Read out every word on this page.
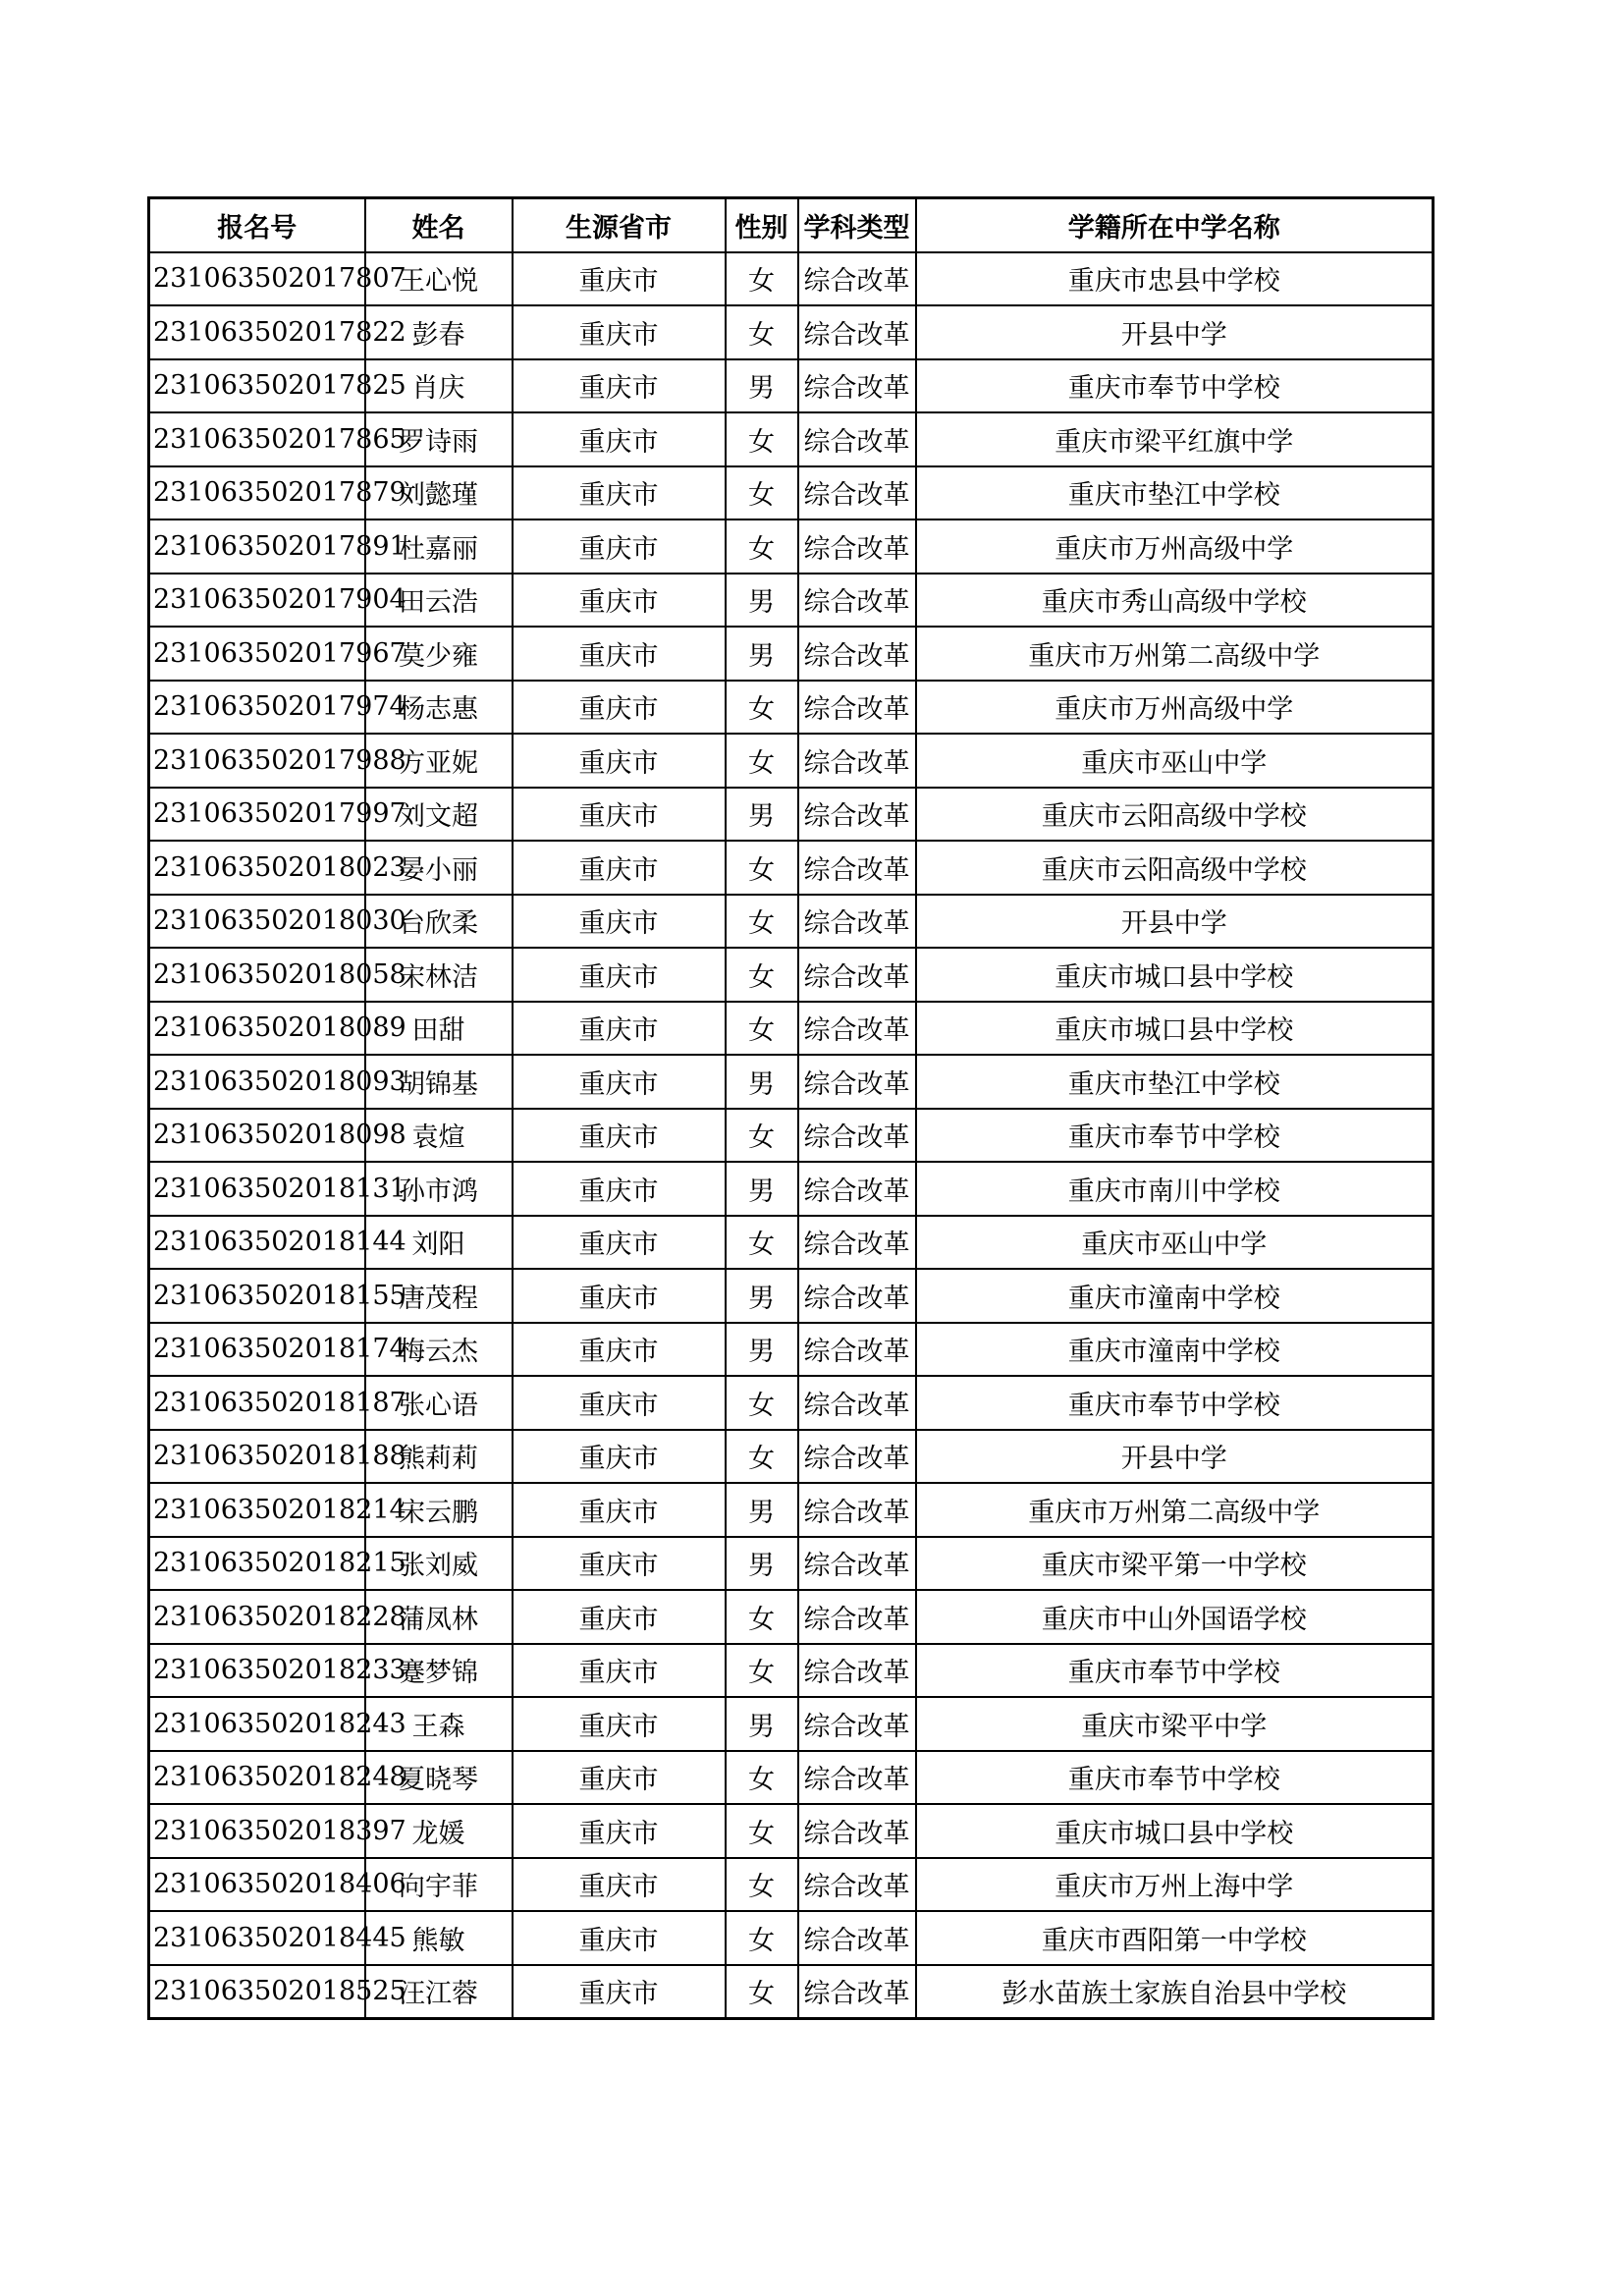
报名号	姓名	生源省市	性别	学科类型	学籍所在中学名称
231063502017807	王心悦	重庆市	女	综合改革	重庆市忠县中学校
231063502017822	彭春	重庆市	女	综合改革	开县中学
231063502017825	肖庆	重庆市	男	综合改革	重庆市奉节中学校
231063502017865	罗诗雨	重庆市	女	综合改革	重庆市梁平红旗中学
231063502017879	刘懿瑾	重庆市	女	综合改革	重庆市垫江中学校
231063502017891	杜嘉丽	重庆市	女	综合改革	重庆市万州高级中学
231063502017904	田云浩	重庆市	男	综合改革	重庆市秀山高级中学校
231063502017967	莫少雍	重庆市	男	综合改革	重庆市万州第二高级中学
231063502017974	杨志惠	重庆市	女	综合改革	重庆市万州高级中学
231063502017988	方亚妮	重庆市	女	综合改革	重庆市巫山中学
231063502017997	刘文超	重庆市	男	综合改革	重庆市云阳高级中学校
231063502018023	晏小丽	重庆市	女	综合改革	重庆市云阳高级中学校
231063502018030	台欣柔	重庆市	女	综合改革	开县中学
231063502018058	宋林洁	重庆市	女	综合改革	重庆市城口县中学校
231063502018089	田甜	重庆市	女	综合改革	重庆市城口县中学校
231063502018093	胡锦基	重庆市	男	综合改革	重庆市垫江中学校
231063502018098	袁煊	重庆市	女	综合改革	重庆市奉节中学校
231063502018131	孙市鸿	重庆市	男	综合改革	重庆市南川中学校
231063502018144	刘阳	重庆市	女	综合改革	重庆市巫山中学
231063502018155	唐茂程	重庆市	男	综合改革	重庆市潼南中学校
231063502018174	梅云杰	重庆市	男	综合改革	重庆市潼南中学校
231063502018187	张心语	重庆市	女	综合改革	重庆市奉节中学校
231063502018188	熊莉莉	重庆市	女	综合改革	开县中学
231063502018214	宋云鹏	重庆市	男	综合改革	重庆市万州第二高级中学
231063502018215	张刘威	重庆市	男	综合改革	重庆市梁平第一中学校
231063502018228	蒲凤林	重庆市	女	综合改革	重庆市中山外国语学校
231063502018233	蹇梦锦	重庆市	女	综合改革	重庆市奉节中学校
231063502018243	王森	重庆市	男	综合改革	重庆市梁平中学
231063502018248	夏晓琴	重庆市	女	综合改革	重庆市奉节中学校
231063502018397	龙媛	重庆市	女	综合改革	重庆市城口县中学校
231063502018406	向宇菲	重庆市	女	综合改革	重庆市万州上海中学
231063502018445	熊敏	重庆市	女	综合改革	重庆市酉阳第一中学校
231063502018525	汪江蓉	重庆市	女	综合改革	彭水苗族土家族自治县中学校
